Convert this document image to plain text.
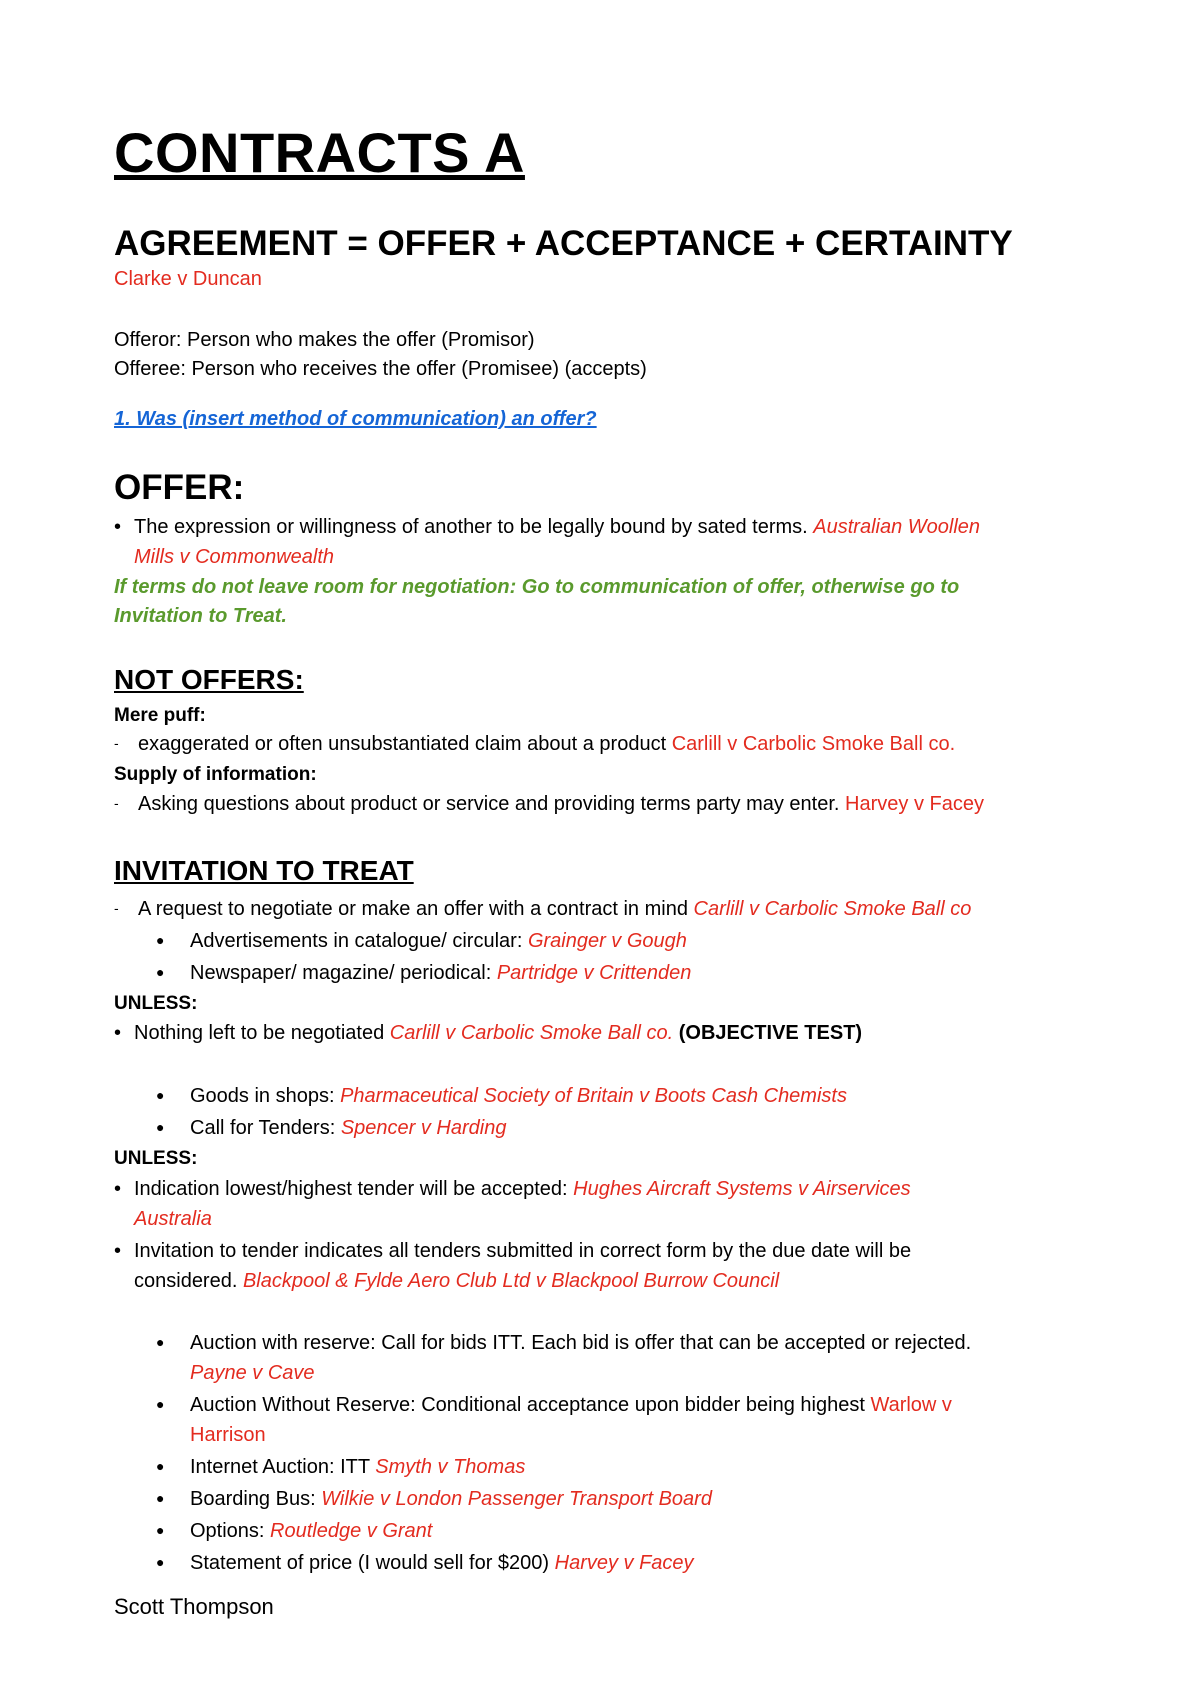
CONTRACTS A
AGREEMENT = OFFER + ACCEPTANCE + CERTAINTY
Clarke v Duncan
Offeror: Person who makes the offer (Promisor)
Offeree: Person who receives the offer (Promisee) (accepts)
1. Was (insert method of communication) an offer?
OFFER:
• The expression or willingness of another to be legally bound by sated terms. Australian Woollen
Mills v Commonwealth
If terms do not leave room for negotiation: Go to communication of offer, otherwise go to
Invitation to Treat.
NOT OFFERS:
Mere puff:
- exaggerated or often unsubstantiated claim about a product Carlill v Carbolic Smoke Ball co.
Supply of information:
- Asking questions about product or service and providing terms party may enter. Harvey v Facey
INVITATION TO TREAT
- A request to negotiate or make an offer with a contract in mind Carlill v Carbolic Smoke Ball co
● Advertisements in catalogue/ circular: Grainger v Gough
● Newspaper/ magazine/ periodical: Partridge v Crittenden
UNLESS:
• Nothing left to be negotiated Carlill v Carbolic Smoke Ball co. (OBJECTIVE TEST)
● Goods in shops: Pharmaceutical Society of Britain v Boots Cash Chemists
● Call for Tenders: Spencer v Harding
UNLESS:
• Indication lowest/highest tender will be accepted: Hughes Aircraft Systems v Airservices
Australia
• Invitation to tender indicates all tenders submitted in correct form by the due date will be
considered. Blackpool & Fylde Aero Club Ltd v Blackpool Burrow Council
● Auction with reserve: Call for bids ITT. Each bid is offer that can be accepted or rejected.
Payne v Cave
● Auction Without Reserve: Conditional acceptance upon bidder being highest Warlow v
Harrison
● Internet Auction: ITT Smyth v Thomas
● Boarding Bus: Wilkie v London Passenger Transport Board
● Options: Routledge v Grant
● Statement of price (I would sell for $200) Harvey v Facey
Scott Thompson
